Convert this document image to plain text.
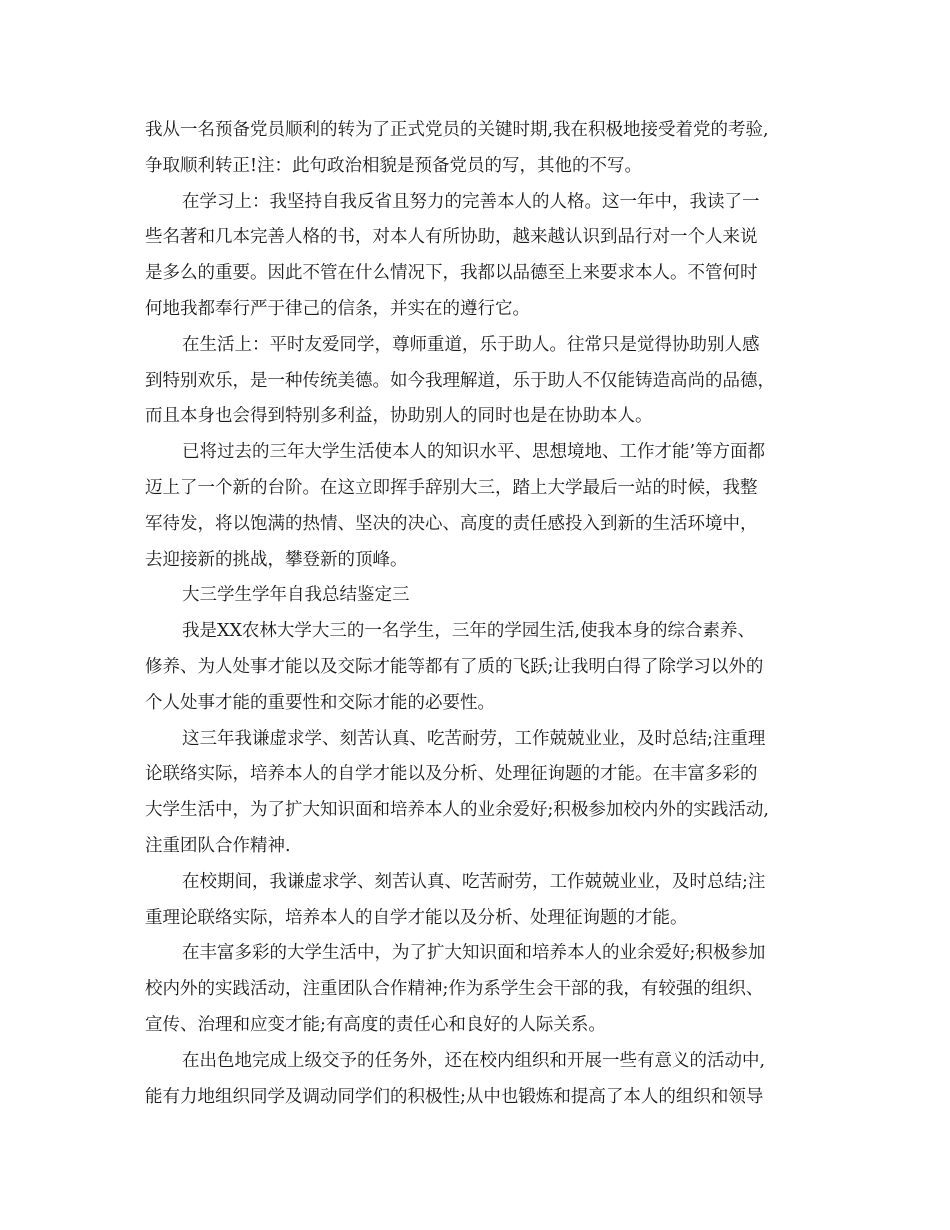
我从一名预备党员顺利的转为了正式党员的关键时期,我在积极地接受着党的考验,
争取顺利转正!注：此句政治相貌是预备党员的写，其他的不写。
在学习上：我坚持自我反省且努力的完善本人的人格。这一年中，我读了一
些名著和几本完善人格的书，对本人有所协助，越来越认识到品行对一个人来说
是多么的重要。因此不管在什么情况下，我都以品德至上来要求本人。不管何时
何地我都奉行严于律己的信条，并实在的遵行它。
在生活上：平时友爱同学，尊师重道，乐于助人。往常只是觉得协助别人感
到特别欢乐，是一种传统美德。如今我理解道，乐于助人不仅能铸造高尚的品德，
而且本身也会得到特别多利益，协助别人的同时也是在协助本人。
已将过去的三年大学生活使本人的知识水平、思想境地、工作才能’等方面都
迈上了一个新的台阶。在这立即挥手辞别大三，踏上大学最后一站的时候，我整
军待发，将以饱满的热情、坚决的决心、高度的责任感投入到新的生活环境中，
去迎接新的挑战，攀登新的顶峰。
大三学生学年自我总结鉴定三
我是XX农林大学大三的一名学生，三年的学园生活,使我本身的综合素养、
修养、为人处事才能以及交际才能等都有了质的飞跃;让我明白得了除学习以外的
个人处事才能的重要性和交际才能的必要性。
这三年我谦虚求学、刻苦认真、吃苦耐劳，工作兢兢业业，及时总结;注重理
论联络实际，培养本人的自学才能以及分析、处理征询题的才能。在丰富多彩的
大学生活中，为了扩大知识面和培养本人的业余爱好;积极参加校内外的实践活动,
注重团队合作精神.
在校期间，我谦虚求学、刻苦认真、吃苦耐劳，工作兢兢业业，及时总结;注
重理论联络实际，培养本人的自学才能以及分析、处理征询题的才能。
在丰富多彩的大学生活中，为了扩大知识面和培养本人的业余爱好;积极参加
校内外的实践活动，注重团队合作精神;作为系学生会干部的我，有较强的组织、
宣传、治理和应变才能;有高度的责任心和良好的人际关系。
在出色地完成上级交予的任务外，还在校内组织和开展一些有意义的活动中,
能有力地组织同学及调动同学们的积极性;从中也锻炼和提高了本人的组织和领导
